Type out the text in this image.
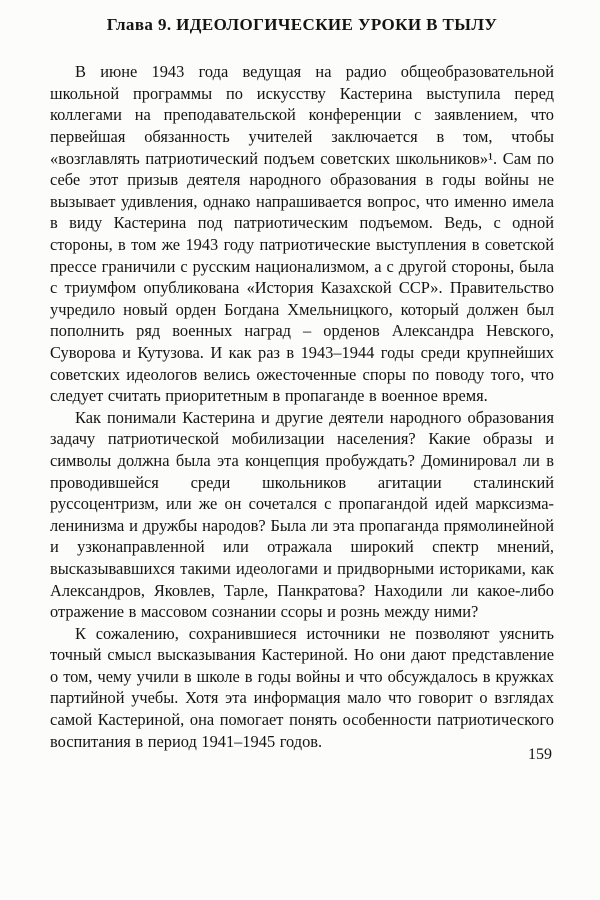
Глава 9. ИДЕОЛОГИЧЕСКИЕ УРОКИ В ТЫЛУ

В июне 1943 года ведущая на радио общеобразовательной школьной программы по искусству Кастерина выступила перед коллегами на преподавательской конференции с заявлением, что первейшая обязанность учителей заключается в том, чтобы «возглавлять патриотический подъем советских школьников»¹. Сам по себе этот призыв деятеля народного образования в годы войны не вызывает удивления, однако напрашивается вопрос, что именно имела в виду Кастерина под патриотическим подъемом. Ведь, с одной стороны, в том же 1943 году патриотические выступления в советской прессе граничили с русским национализмом, а с другой стороны, была с триумфом опубликована «История Казахской ССР». Правительство учредило новый орден Богдана Хмельницкого, который должен был пополнить ряд военных наград – орденов Александра Невского, Суворова и Кутузова. И как раз в 1943–1944 годы среди крупнейших советских идеологов велись ожесточенные споры по поводу того, что следует считать приоритетным в пропаганде в военное время.

Как понимали Кастерина и другие деятели народного образования задачу патриотической мобилизации населения? Какие образы и символы должна была эта концепция пробуждать? Доминировал ли в проводившейся среди школьников агитации сталинский руссоцентризм, или же он сочетался с пропагандой идей марксизма-ленинизма и дружбы народов? Была ли эта пропаганда прямолинейной и узконаправленной или отражала широкий спектр мнений, высказывавшихся такими идеологами и придворными историками, как Александров, Яковлев, Тарле, Панкратова? Находили ли какое-либо отражение в массовом сознании ссоры и рознь между ними?

К сожалению, сохранившиеся источники не позволяют уяснить точный смысл высказывания Кастериной. Но они дают представление о том, чему учили в школе в годы войны и что обсуждалось в кружках партийной учебы. Хотя эта информация мало что говорит о взглядах самой Кастериной, она помогает понять особенности патриотического воспитания в период 1941–1945 годов.

159
